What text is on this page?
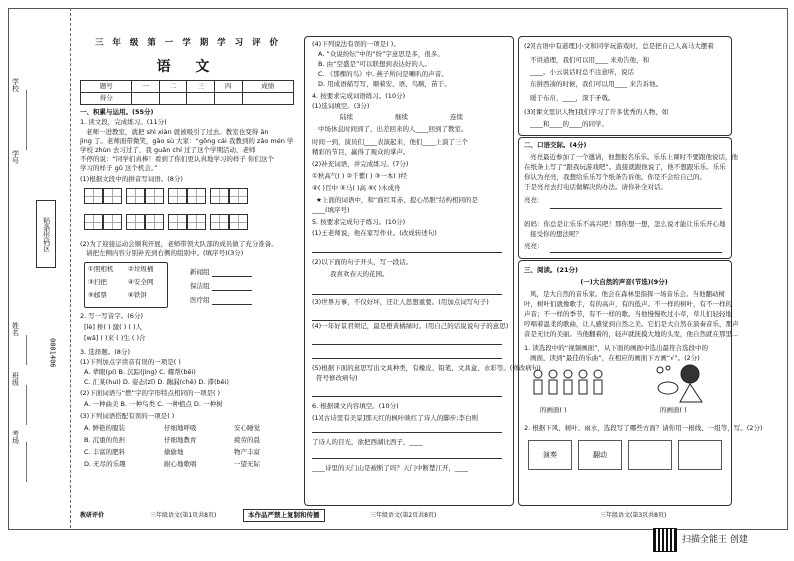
学校
学号
姓名
班级
考场
贴条形码区
0001406
三 年 级 第 一 学 期 学 习 评 价
语 文
题号	一	二	三	四	成绩
得分					
一、积累与运用。(55分)
1. 读文段，完成练习。(11分)
老师一进教室，就把 shì xiàn 就被吸引了过去。教室也变得 ān
jìng 了。老师面带微笑，gāo sù 大家：“gōng cái 我教到的 zǎo mén 学
学校 zhùn 去习过了，我 guǎn chí 过了这个学期活动，老师
不停的说：“同学们真棒！看到了你们更认真地学习的样子 你们这个
学习的样子 gǔ 这个机会。”
(1)根据文段中的拼音写词语。(8分)
(2)为了迎接运动会顺利开展，老师带领大队部的成员做了充分准备。
请把左侧内容分别补充到右侧的组别中。(填序号)(3分)
①照相机 ②垃圾桶
③扫把	④安全网
⑤邮票	⑥铁饼
新闻组
保洁组
医疗组
2. 写一写音字。(6分)
[lè] 桥( ) 激( ) ( )人
[wǎ] ( )来 ( )生 ( )合
3. 选择题。(8分)
(1)下列加点字读音有误的一项是( )
A. 辈眼(pí) B. 沉踪(jìng) C. 耀帮(bēi)
C. 汇某(huì) D. 姿态(zī) D. 蹦漏(chē) D. 滞(bēi)
(2)下面词语与“燃”字的字形特点相同的一项是( )
A. 一种曲美 B. 一种鸟类 C. 一种植点 D. 一种树
(3)下列词语搭配有误的一项是( )
A. 鲜艳的服装	仔细地呼吸	安心睡觉
B. 沉重的负担	仔细地教育	疲劳的晨
C. 丰富的肥料	偷偷地	物产丰富
D. 无尽的乐趣	耐心地歌唱	一望无际
(4)下列说法有误的一项是( )。
A. “众说纷纭”中的“纷”字意思是多，很多。
B. 由“空盛是”可以联想到表达好的人。
C. 《那棵的鸟》中, 燕子所问是喇叭的声音。
D. 用成语描写写，顺着安、语、鸟顺，苗于。
4. 按要求完成词语练习。(10分)
(1)选词填空。(3分)
陆续	继续	连续
中场休息时间到了，出差回来的人____回到了教室。
时间一到，演员们____表演起来，他们____上演了三个
精彩的节目，赢得了观众的掌声。
(2)补充词语，并完成练习。(7分)
①秋高气( ) ②千紫( ) ③一本( )经
④( )百中 ⑤马( )高 ⑥( )木成舟
★上面的词语中，和“面红耳赤、提心吊胆”结构相同的是
____(填序号)
5. 按要求完成句子练习。(10分)
(1)王老师说，他在家写作业。(改成转述句)
(2)以下面的句子开头，写一段话。
我喜欢春天的花园。
(3)世界万事，不仅好坏，还让人思想重要。(用加点词写句子)
(4)一年好景君须记，最是橙黄橘绿时。(用自己的话说说句子的意思)
(5)根据下面的意思写出文具种类，有橡皮、铅笔、文具盒、水彩等。(修改病句)
符号修改病句)
6. 根据课文内容填空。(10分)
(1)[古诗里有美景]那天红的枫叶映红了诗人的脚步;李白则
了诗人的目光，欲把西湖比西子，____
____诗里的天门山是被断了吗？天门中断楚江开，____
(2)[古语中有道理]小文和同学玩游戏时，总是把自己人高马大摆着
不讲道理，我们可以用____ 来劝告他，和
____。小云说话时总不注意听，说话
东拼西凑的时候，我们可以用____ 来告诉他。
暖于布帛，____，深于矛戟。
(3)[课文里识人物]我们学习了许多优秀的人物，如
____和____的____的同学。
二、口语交际。(4分)
亮亮最近参加了一个邀请，他想报名乐乐。乐乐上课时不要跟他说话，他
在纸条上写了“跟我玩游戏吧”。直接就跟他说了，他不想跟乐乐。乐乐
你认为亮亮，我想给乐乐写个纸条告诉他。你是不会给自己的。
于是亮亮去打电话做解决的办法。请你补全对话。
亮亮：
妈妈：你总是让乐乐不高兴吧！那你想一想，怎么说才能让乐乐开心地
接受你的想法呢？
亮亮：
三、阅读。(21分)
(一)大自然的声音(节选)(9分)
风，是大自然的音乐家。他会在森林里指挥一场音乐会。当他翻动树
叶，树叶们就像歌手，有的高声，有的低声。不一样的树叶，有不一样的
声音；不一样的季节，有不一样的歌。当他慢慢吹过小草，草儿们轻轻地
哼唱着温柔的歌曲，让人感觉到自然之美。它们是大自然在演奏音乐，那声
音是无比的美丽。当他翻着的，轻声就抚摸大地的头发，他自然就在那里...
1. 读选段中的“视频画面”，从下面的画面中选出最符合选段中的
画面，读到“最佳的乐曲”，在相应的画面下方画“√”。(2分)
的画面( )	的画面( )
2. 根据下风、树叶、雨水，选段写了哪些方面？请你用一根线、一组等，写。(2分)
演奏	翻动
教研评价	三年级语文(第1页共8页)	本作品严禁上复制和传播	三年级语文(第2页共8页)	三年级语文(第3页共8页)
扫描全能王 创建
